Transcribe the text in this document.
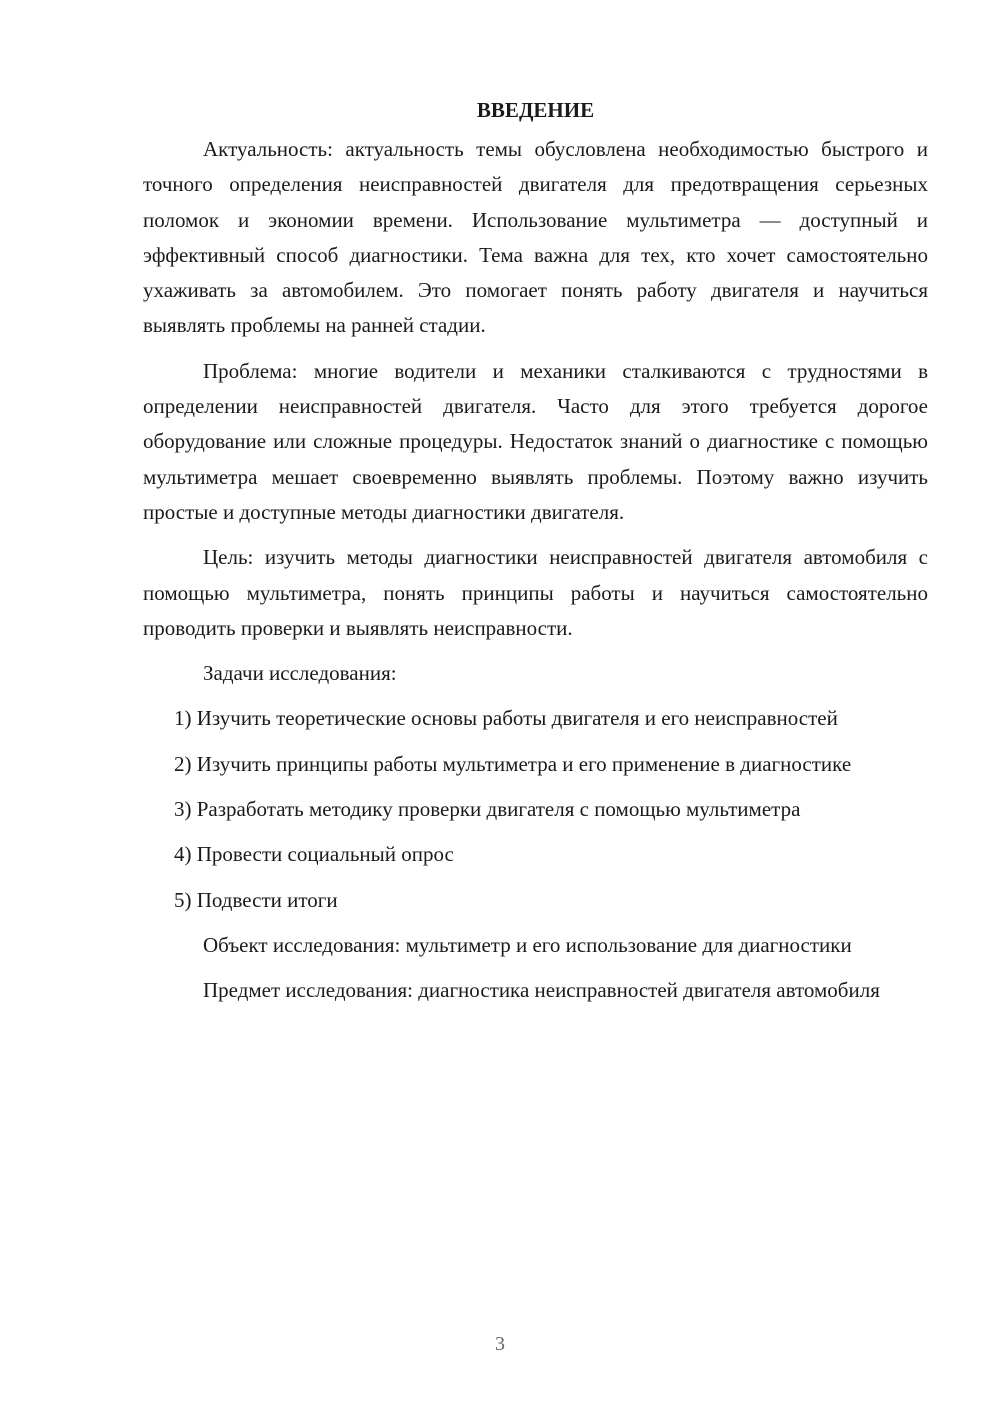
ВВЕДЕНИЕ

Актуальность: актуальность темы обусловлена необходимостью быстрого и точного определения неисправностей двигателя для предотвращения серьезных поломок и экономии времени. Использование мультиметра — доступный и эффективный способ диагностики. Тема важна для тех, кто хочет самостоятельно ухаживать за автомобилем. Это помогает понять работу двигателя и научиться выявлять проблемы на ранней стадии.

Проблема: многие водители и механики сталкиваются с трудностями в определении неисправностей двигателя. Часто для этого требуется дорогое оборудование или сложные процедуры. Недостаток знаний о диагностике с помощью мультиметра мешает своевременно выявлять проблемы. Поэтому важно изучить простые и доступные методы диагностики двигателя.

Цель: изучить методы диагностики неисправностей двигателя автомобиля с помощью мультиметра, понять принципы работы и научиться самостоятельно проводить проверки и выявлять неисправности.

Задачи исследования:

1) Изучить теоретические основы работы двигателя и его неисправностей

2) Изучить принципы работы мультиметра и его применение в диагностике

3) Разработать методику проверки двигателя с помощью мультиметра

4) Провести социальный опрос

5) Подвести итоги

Объект исследования: мультиметр и его использование для диагностики

Предмет исследования: диагностика неисправностей двигателя автомобиля

3
